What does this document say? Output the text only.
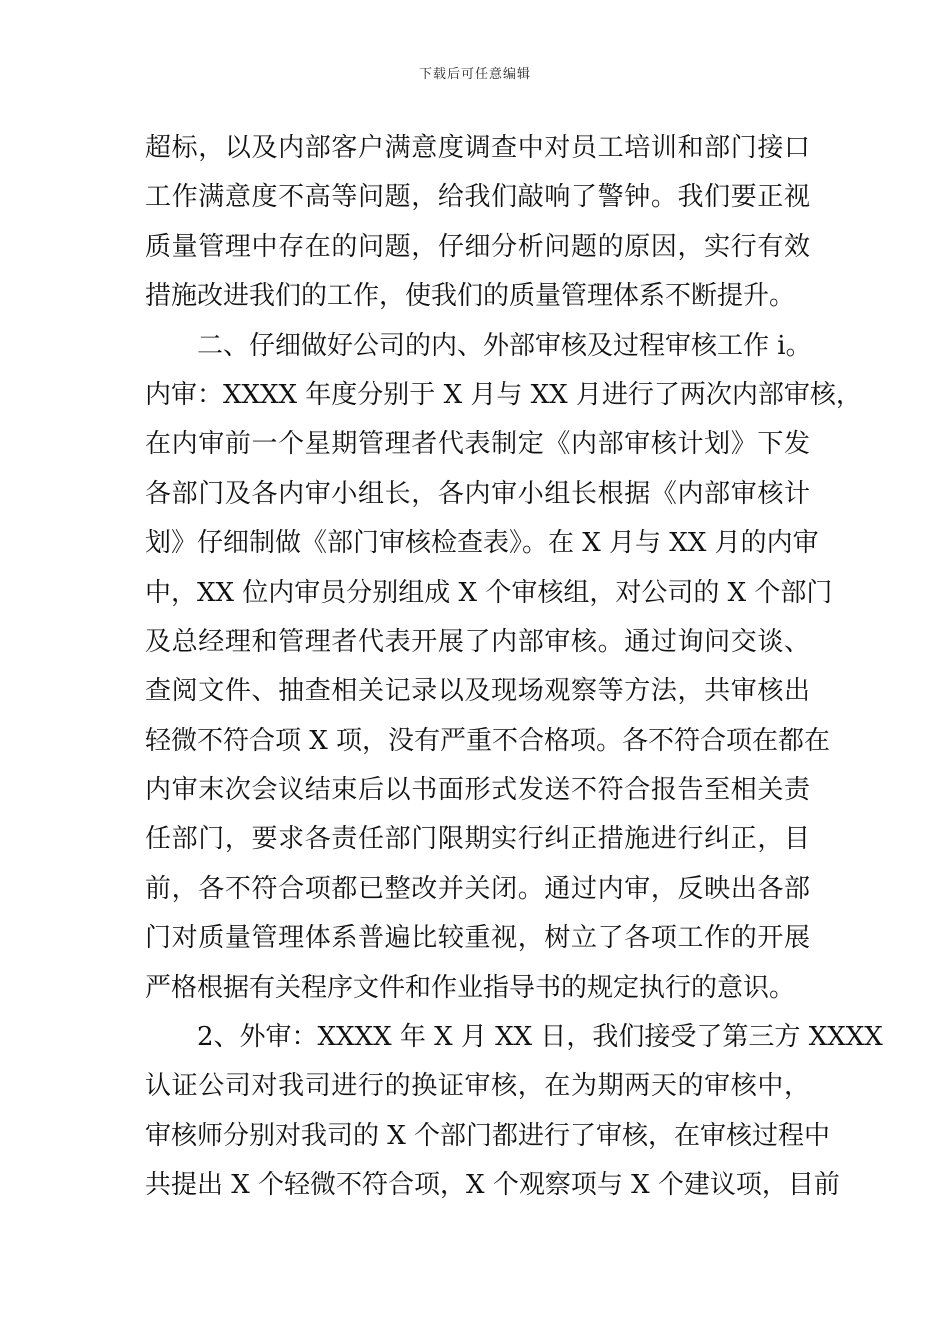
下载后可任意编辑
超标，以及内部客户满意度调查中对员工培训和部门接口
工作满意度不高等问题，给我们敲响了警钟。我们要正视
质量管理中存在的问题，仔细分析问题的原因，实行有效
措施改进我们的工作，使我们的质量管理体系不断提升。
二、仔细做好公司的内、外部审核及过程审核工作 i。
内审：XXXX 年度分别于 X 月与 XX 月进行了两次内部审核，
在内审前一个星期管理者代表制定《内部审核计划》下发
各部门及各内审小组长，各内审小组长根据《内部审核计
划》仔细制做《部门审核检查表》。在 X 月与 XX 月的内审
中，XX 位内审员分别组成 X 个审核组，对公司的 X 个部门
及总经理和管理者代表开展了内部审核。通过询问交谈、
查阅文件、抽查相关记录以及现场观察等方法，共审核出
轻微不符合项 X 项，没有严重不合格项。各不符合项在都在
内审末次会议结束后以书面形式发送不符合报告至相关责
任部门，要求各责任部门限期实行纠正措施进行纠正，目
前，各不符合项都已整改并关闭。通过内审，反映出各部
门对质量管理体系普遍比较重视，树立了各项工作的开展
严格根据有关程序文件和作业指导书的规定执行的意识。
2、外审：XXXX 年 X 月 XX 日，我们接受了第三方 XXXX
认证公司对我司进行的换证审核，在为期两天的审核中，
审核师分别对我司的 X 个部门都进行了审核，在审核过程中
共提出 X 个轻微不符合项，X 个观察项与 X 个建议项，目前
